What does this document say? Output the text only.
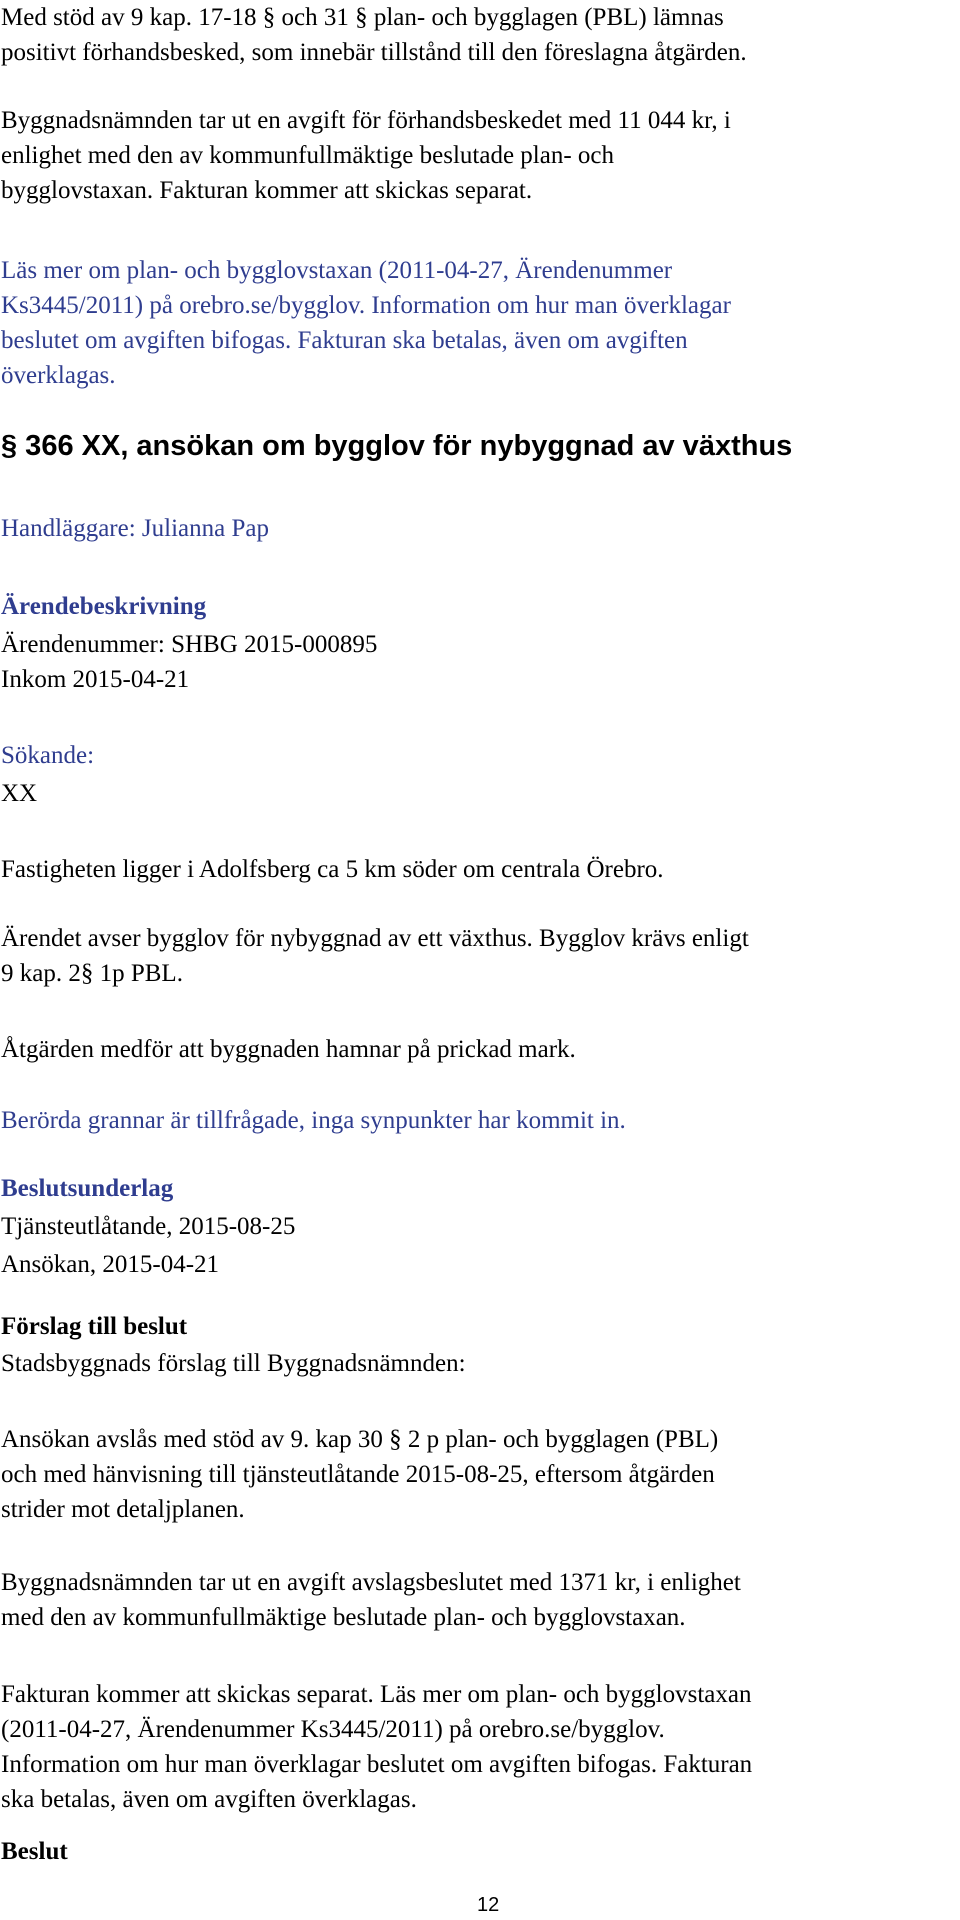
Med stöd av 9 kap. 17-18 § och 31 § plan- och bygglagen (PBL) lämnas
positivt förhandsbesked, som innebär tillstånd till den föreslagna åtgärden.

Byggnadsnämnden tar ut en avgift för förhandsbeskedet med 11 044 kr, i
enlighet med den av kommunfullmäktige beslutade plan- och
bygglovstaxan. Fakturan kommer att skickas separat.

Läs mer om plan- och bygglovstaxan (2011-04-27, Ärendenummer
Ks3445/2011) på orebro.se/bygglov. Information om hur man överklagar
beslutet om avgiften bifogas. Fakturan ska betalas, även om avgiften
överklagas.

§ 366 XX, ansökan om bygglov för nybyggnad av växthus

Handläggare: Julianna Pap

Ärendebeskrivning

Ärendenummer: SHBG 2015-000895

Inkom 2015-04-21

Sökande:

XX

Fastigheten ligger i Adolfsberg ca 5 km söder om centrala Örebro.

Ärendet avser bygglov för nybyggnad av ett växthus. Bygglov krävs enligt
9 kap. 2§ 1p PBL.

Åtgärden medför att byggnaden hamnar på prickad mark.

Berörda grannar är tillfrågade, inga synpunkter har kommit in.

Beslutsunderlag

Tjänsteutlåtande, 2015-08-25

Ansökan, 2015-04-21

Förslag till beslut

Stadsbyggnads förslag till Byggnadsnämnden:

Ansökan avslås med stöd av 9. kap 30 § 2 p plan- och bygglagen (PBL)
och med hänvisning till tjänsteutlåtande 2015-08-25, eftersom åtgärden
strider mot detaljplanen.

Byggnadsnämnden tar ut en avgift avslagsbeslutet med 1371 kr, i enlighet
med den av kommunfullmäktige beslutade plan- och bygglovstaxan.

Fakturan kommer att skickas separat. Läs mer om plan- och bygglovstaxan
(2011-04-27, Ärendenummer Ks3445/2011) på orebro.se/bygglov.
Information om hur man överklagar beslutet om avgiften bifogas. Fakturan
ska betalas, även om avgiften överklagas.

Beslut

12
